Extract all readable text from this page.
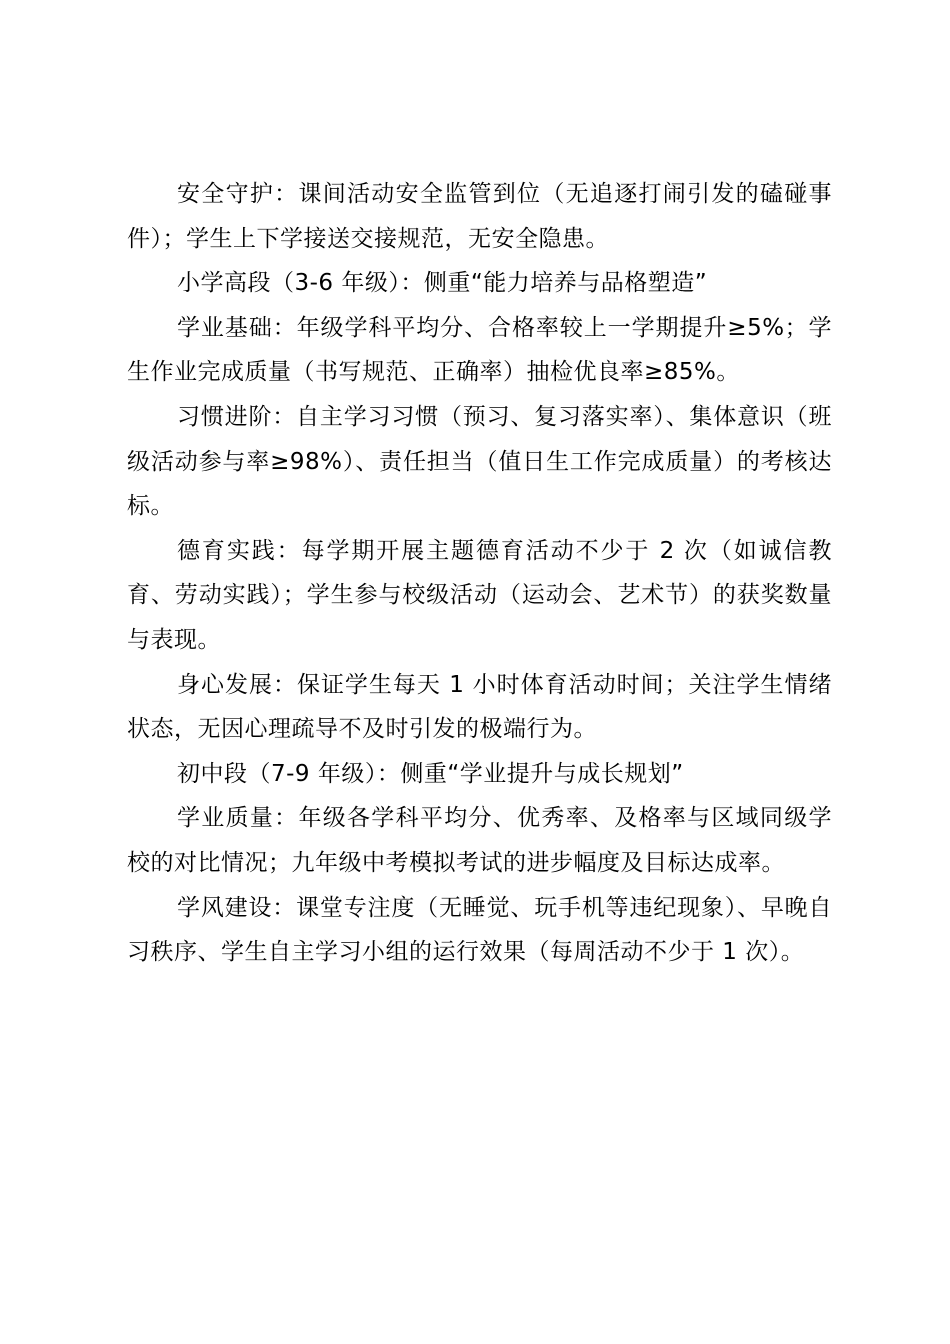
安全守护：课间活动安全监管到位（无追逐打闹引发的磕碰事件）；学生上下学接送交接规范，无安全隐患。

小学高段（3-6 年级）：侧重“能力培养与品格塑造”

学业基础：年级学科平均分、合格率较上一学期提升≥5%；学生作业完成质量（书写规范、正确率）抽检优良率≥85%。

习惯进阶：自主学习习惯（预习、复习落实率）、集体意识（班级活动参与率≥98%）、责任担当（值日生工作完成质量）的考核达标。

德育实践：每学期开展主题德育活动不少于 2 次（如诚信教育、劳动实践）；学生参与校级活动（运动会、艺术节）的获奖数量与表现。

身心发展：保证学生每天 1 小时体育活动时间；关注学生情绪状态，无因心理疏导不及时引发的极端行为。

初中段（7-9 年级）：侧重“学业提升与成长规划”

学业质量：年级各学科平均分、优秀率、及格率与区域同级学校的对比情况；九年级中考模拟考试的进步幅度及目标达成率。

学风建设：课堂专注度（无睡觉、玩手机等违纪现象）、早晚自习秩序、学生自主学习小组的运行效果（每周活动不少于 1 次）。
